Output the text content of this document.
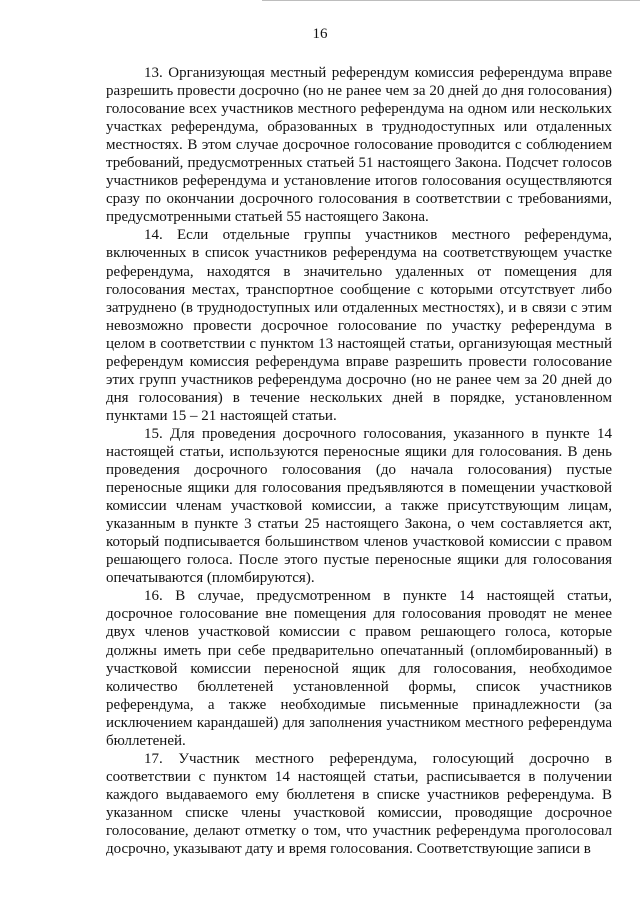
16

13. Организующая местный референдум комиссия референдума вправе разрешить провести досрочно (но не ранее чем за 20 дней до дня голосования) голосование всех участников местного референдума на одном или нескольких участках референдума, образованных в труднодоступных или отдаленных местностях. В этом случае досрочное голосование проводится с соблюдением требований, предусмотренных статьей 51 настоящего Закона. Подсчет голосов участников референдума и установление итогов голосования осуществляются сразу по окончании досрочного голосования в соответствии с требованиями, предусмотренными статьей 55 настоящего Закона.

14. Если отдельные группы участников местного референдума, включенных в список участников референдума на соответствующем участке референдума, находятся в значительно удаленных от помещения для голосования местах, транспортное сообщение с которыми отсутствует либо затруднено (в труднодоступных или отдаленных местностях), и в связи с этим невозможно провести досрочное голосование по участку референдума в целом в соответствии с пунктом 13 настоящей статьи, организующая местный референдум комиссия референдума вправе разрешить провести голосование этих групп участников референдума досрочно (но не ранее чем за 20 дней до дня голосования) в течение нескольких дней в порядке, установленном пунктами 15 – 21 настоящей статьи.

15. Для проведения досрочного голосования, указанного в пункте 14 настоящей статьи, используются переносные ящики для голосования. В день проведения досрочного голосования (до начала голосования) пустые переносные ящики для голосования предъявляются в помещении участковой комиссии членам участковой комиссии, а также присутствующим лицам, указанным в пункте 3 статьи 25 настоящего Закона, о чем составляется акт, который подписывается большинством членов участковой комиссии с правом решающего голоса. После этого пустые переносные ящики для голосования опечатываются (пломбируются).

16. В случае, предусмотренном в пункте 14 настоящей статьи, досрочное голосование вне помещения для голосования проводят не менее двух членов участковой комиссии с правом решающего голоса, которые должны иметь при себе предварительно опечатанный (опломбированный) в участковой комиссии переносной ящик для голосования, необходимое количество бюллетеней установленной формы, список участников референдума, а также необходимые письменные принадлежности (за исключением карандашей) для заполнения участником местного референдума бюллетеней.

17. Участник местного референдума, голосующий досрочно в соответствии с пунктом 14 настоящей статьи, расписывается в получении каждого выдаваемого ему бюллетеня в списке участников референдума. В указанном списке члены участковой комиссии, проводящие досрочное голосование, делают отметку о том, что участник референдума проголосовал досрочно, указывают дату и время голосования. Соответствующие записи в
